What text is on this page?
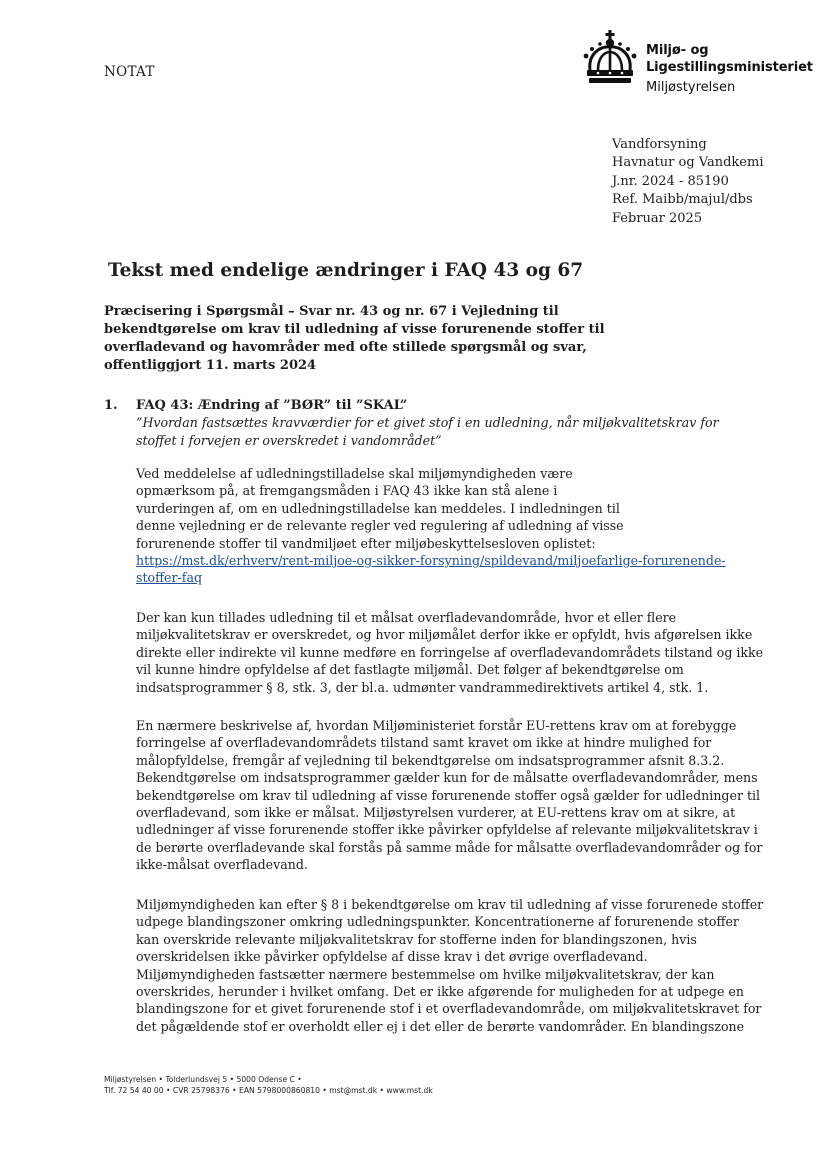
NOTAT
Miljø- og
Ligestillingsministeriet
Miljøstyrelsen
Vandforsyning
Havnatur og Vandkemi
J.nr. 2024 - 85190
Ref. Maibb/majul/dbs
Februar 2025
Tekst med endelige ændringer i FAQ 43 og 67
Præcisering i Spørgsmål – Svar nr. 43 og nr. 67 i Vejledning til
bekendtgørelse om krav til udledning af visse forurenende stoffer til
overfladevand og havområder med ofte stillede spørgsmål og svar,
offentliggjort 11. marts 2024
1. FAQ 43: Ændring af ”BØR” til ”SKAL”
”Hvordan fastsættes kravværdier for et givet stof i en udledning, når miljøkvalitetskrav for
stoffet i forvejen er overskredet i vandområdet”
Ved meddelelse af udledningstilladelse skal miljømyndigheden være
opmærksom på, at fremgangsmåden i FAQ 43 ikke kan stå alene i
vurderingen af, om en udledningstilladelse kan meddeles. I indledningen til
denne vejledning er de relevante regler ved regulering af udledning af visse
forurenende stoffer til vandmiljøet efter miljøbeskyttelsesloven oplistet:
https://mst.dk/erhverv/rent-miljoe-og-sikker-forsyning/spildevand/miljoefarlige-forurenende-
stoffer-faq
Der kan kun tillades udledning til et målsat overfladevandområde, hvor et eller flere
miljøkvalitetskrav er overskredet, og hvor miljømålet derfor ikke er opfyldt, hvis afgørelsen ikke
direkte eller indirekte vil kunne medføre en forringelse af overfladevandområdets tilstand og ikke
vil kunne hindre opfyldelse af det fastlagte miljømål. Det følger af bekendtgørelse om
indsatsprogrammer § 8, stk. 3, der bl.a. udmønter vandrammedirektivets artikel 4, stk. 1.
En nærmere beskrivelse af, hvordan Miljøministeriet forstår EU-rettens krav om at forebygge
forringelse af overfladevandområdets tilstand samt kravet om ikke at hindre mulighed for
målopfyldelse, fremgår af vejledning til bekendtgørelse om indsatsprogrammer afsnit 8.3.2.
Bekendtgørelse om indsatsprogrammer gælder kun for de målsatte overfladevandområder, mens
bekendtgørelse om krav til udledning af visse forurenende stoffer også gælder for udledninger til
overfladevand, som ikke er målsat. Miljøstyrelsen vurderer, at EU-rettens krav om at sikre, at
udledninger af visse forurenende stoffer ikke påvirker opfyldelse af relevante miljøkvalitetskrav i
de berørte overfladevande skal forstås på samme måde for målsatte overfladevandområder og for
ikke-målsat overfladevand.
Miljømyndigheden kan efter § 8 i bekendtgørelse om krav til udledning af visse forurenede stoffer
udpege blandingszoner omkring udledningspunkter. Koncentrationerne af forurenende stoffer
kan overskride relevante miljøkvalitetskrav for stofferne inden for blandingszonen, hvis
overskridelsen ikke påvirker opfyldelse af disse krav i det øvrige overfladevand.
Miljømyndigheden fastsætter nærmere bestemmelse om hvilke miljøkvalitetskrav, der kan
overskrides, herunder i hvilket omfang. Det er ikke afgørende for muligheden for at udpege en
blandingszone for et givet forurenende stof i et overfladevandområde, om miljøkvalitetskravet for
det pågældende stof er overholdt eller ej i det eller de berørte vandområder. En blandingszone
Miljøstyrelsen • Tolderlundsvej 5 • 5000 Odense C •
Tlf. 72 54 40 00 • CVR 25798376 • EAN 5798000860810 • mst@mst.dk • www.mst.dk
